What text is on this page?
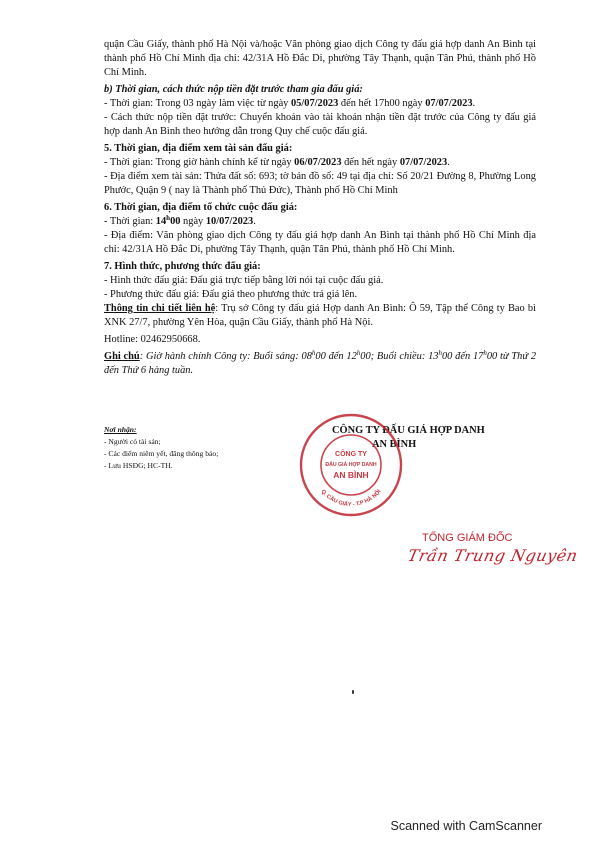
quận Cầu Giấy, thành phố Hà Nội và/hoặc Văn phòng giao dịch Công ty đấu giá hợp danh An Bình tại thành phố Hồ Chí Minh địa chỉ: 42/31A Hồ Đắc Di, phường Tây Thạnh, quận Tân Phú, thành phố Hồ Chí Minh.

b) Thời gian, cách thức nộp tiền đặt trước tham gia đấu giá:

- Thời gian: Trong 03 ngày làm việc từ ngày 05/07/2023 đến hết 17h00 ngày 07/07/2023.

- Cách thức nộp tiền đặt trước: Chuyển khoản vào tài khoản nhận tiền đặt trước của Công ty đấu giá hợp danh An Bình theo hướng dẫn trong Quy chế cuộc đấu giá.

5. Thời gian, địa điểm xem tài sản đấu giá:

- Thời gian: Trong giờ hành chính kể từ ngày 06/07/2023 đến hết ngày 07/07/2023.

- Địa điểm xem tài sản: Thửa đất số: 693; tờ bản đồ số: 49 tại địa chỉ: Số 20/21 Đường 8, Phường Long Phước, Quận 9 ( nay là Thành phố Thủ Đức), Thành phố Hồ Chí Minh

6. Thời gian, địa điểm tổ chức cuộc đấu giá:

- Thời gian: 14$^h$00 ngày 10/07/2023.

- Địa điểm: Văn phòng giao dịch Công ty đấu giá hợp danh An Bình tại thành phố Hồ Chí Minh địa chỉ: 42/31A Hồ Đắc Di, phường Tây Thạnh, quận Tân Phú, thành phố Hồ Chí Minh.

7. Hình thức, phương thức đấu giá:

- Hình thức đấu giá: Đấu giá trực tiếp bằng lời nói tại cuộc đấu giá.

- Phương thức đấu giá: Đấu giá theo phương thức trả giá lên.

Thông tin chi tiết liên hệ: Trụ sở Công ty đấu giá Hợp danh An Bình: Ô 59, Tập thể Công ty Bao bì XNK 27/7, phường Yên Hòa, quận Cầu Giấy, thành phố Hà Nội.

Hotline: 02462950668.

Ghi chú: Giờ hành chính Công ty: Buổi sáng: 08$^h$00 đến 12$^h$00; Buổi chiều: 13$^h$00 đến 17$^h$00 từ Thứ 2 đến Thứ 6 hàng tuần.

Nơi nhận:
- Người có tài sản;
- Các điểm niêm yết, đăng thông báo;
- Lưu HSĐG; HC-TH.
CÔNG TY ĐẤU GIÁ HỢP DANH
AN BÌNH
CÔNG TY
ĐẤU GIÁ HỢP DANH
AN BÌNH
Q. CẦU GIẤY - T.P HÀ NỘI
TỔNG GIÁM ĐỐC
Trần Trung Nguyên
Scanned with CamScanner
